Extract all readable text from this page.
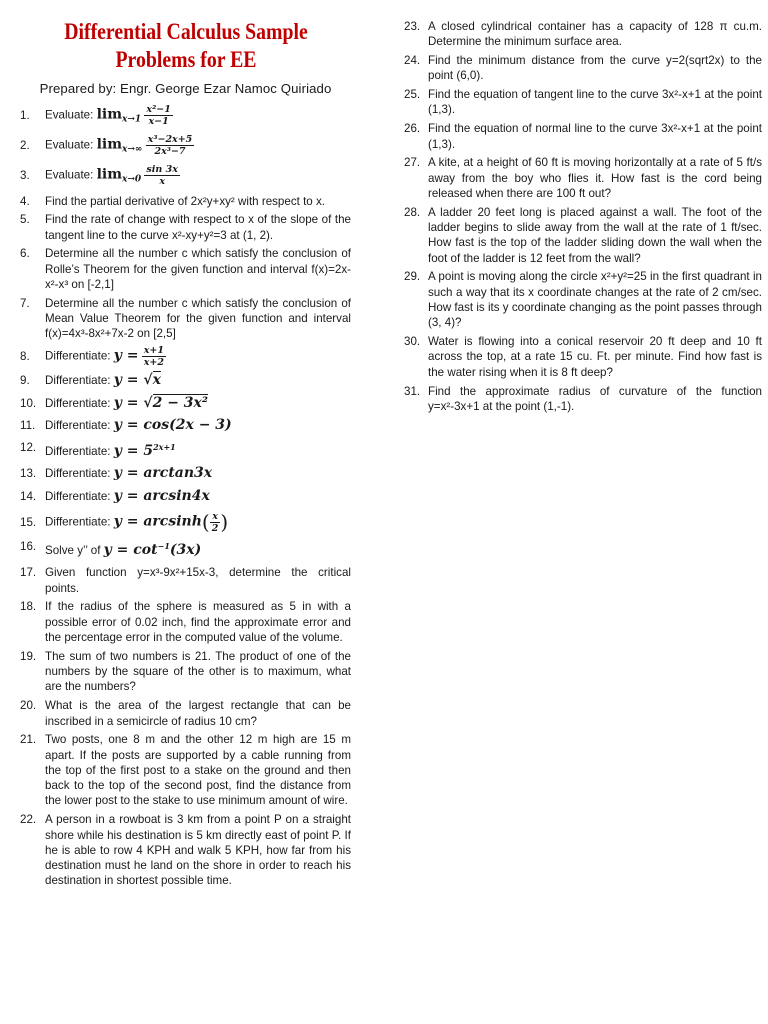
Differential Calculus Sample
Problems for EE
Prepared by: Engr. George Ezar Namoc Quiriado
1.	Evaluate: $\lim_{x\to 1} \frac{\text{x²−1}}{x-1}$
2.	Evaluate: $\lim_{x\to\infty} \frac{\text{x³−2x+5}}{\text{2x³−7}}$
3.	Evaluate: $\lim_{x\to 0} \frac{\sin 3x}{x}$
4.	Find the partial derivative of 2x²y+xy² with respect to x.
5.	Find the rate of change with respect to x of the slope of the tangent line to the curve x²-xy+y²=3 at (1, 2).
6.	Determine all the number c which satisfy the conclusion of Rolle’s Theorem for the given function and interval f(x)=2x-x²-x³ on [-2,1]
7.	Determine all the number c which satisfy the conclusion of Mean Value Theorem for the given function and interval f(x)=4x³-8x²+7x-2 on [2,5]
8.	Differentiate: $y = \frac{x+1}{x+2}$
9.	Differentiate: y = √x
10. Differentiate: y = √2 − 3x²
11. Differentiate: y = cos(2x − 3)
12. Differentiate: $y = 5^{2x+1}$
13. Differentiate: y = arctan3x
14. Differentiate: y = arcsin4x
15. Differentiate: $y = \arcsin h( \frac{x}{2}$ )
16. Solve y’’ of $y = \cot^{-1}(3x)$
17. Given function y=x³-9x²+15x-3, determine the critical points.
18. If the radius of the sphere is measured as 5 in with a possible error of 0.02 inch, find the approximate error and the percentage error in the computed value of the volume.
19. The sum of two numbers is 21. The product of one of the numbers by the square of the other is to maximum, what are the numbers?
20. What is the area of the largest rectangle that can be inscribed in a semicircle of radius 10 cm?
21. Two posts, one 8 m and the other 12 m high are 15 m apart. If the posts are supported by a cable running from the top of the first post to a stake on the ground and then back to the top of the second post, find the distance from the lower post to the stake to use minimum amount of wire.
22. A person in a rowboat is 3 km from a point P on a straight shore while his destination is 5 km directly east of point P. If he is able to row 4 KPH and walk 5 KPH, how far from his destination must he land on the shore in order to reach his destination in shortest possible time.
23. A closed cylindrical container has a capacity of 128 π cu.m. Determine the minimum surface area.
24. Find the minimum distance from the curve y=2(sqrt2x) to the point (6,0).
25. Find the equation of tangent line to the curve 3x²-x+1 at the point (1,3).
26. Find the equation of normal line to the curve 3x²-x+1 at the point (1,3).
27. A kite, at a height of 60 ft is moving horizontally at a rate of 5 ft/s away from the boy who flies it. How fast is the cord being released when there are 100 ft out?
28. A ladder 20 feet long is placed against a wall. The foot of the ladder begins to slide away from the wall at the rate of 1 ft/sec. How fast is the top of the ladder sliding down the wall when the foot of the ladder is 12 feet from the wall?
29. A point is moving along the circle x²+y²=25 in the first quadrant in such a way that its x coordinate changes at the rate of 2 cm/sec. How fast is its y coordinate changing as the point passes through (3, 4)?
30. Water is flowing into a conical reservoir 20 ft deep and 10 ft across the top, at a rate 15 cu. Ft. per minute. Find how fast is the water rising when it is 8 ft deep?
31. Find the approximate radius of curvature of the function y=x²-3x+1 at the point (1,-1).
